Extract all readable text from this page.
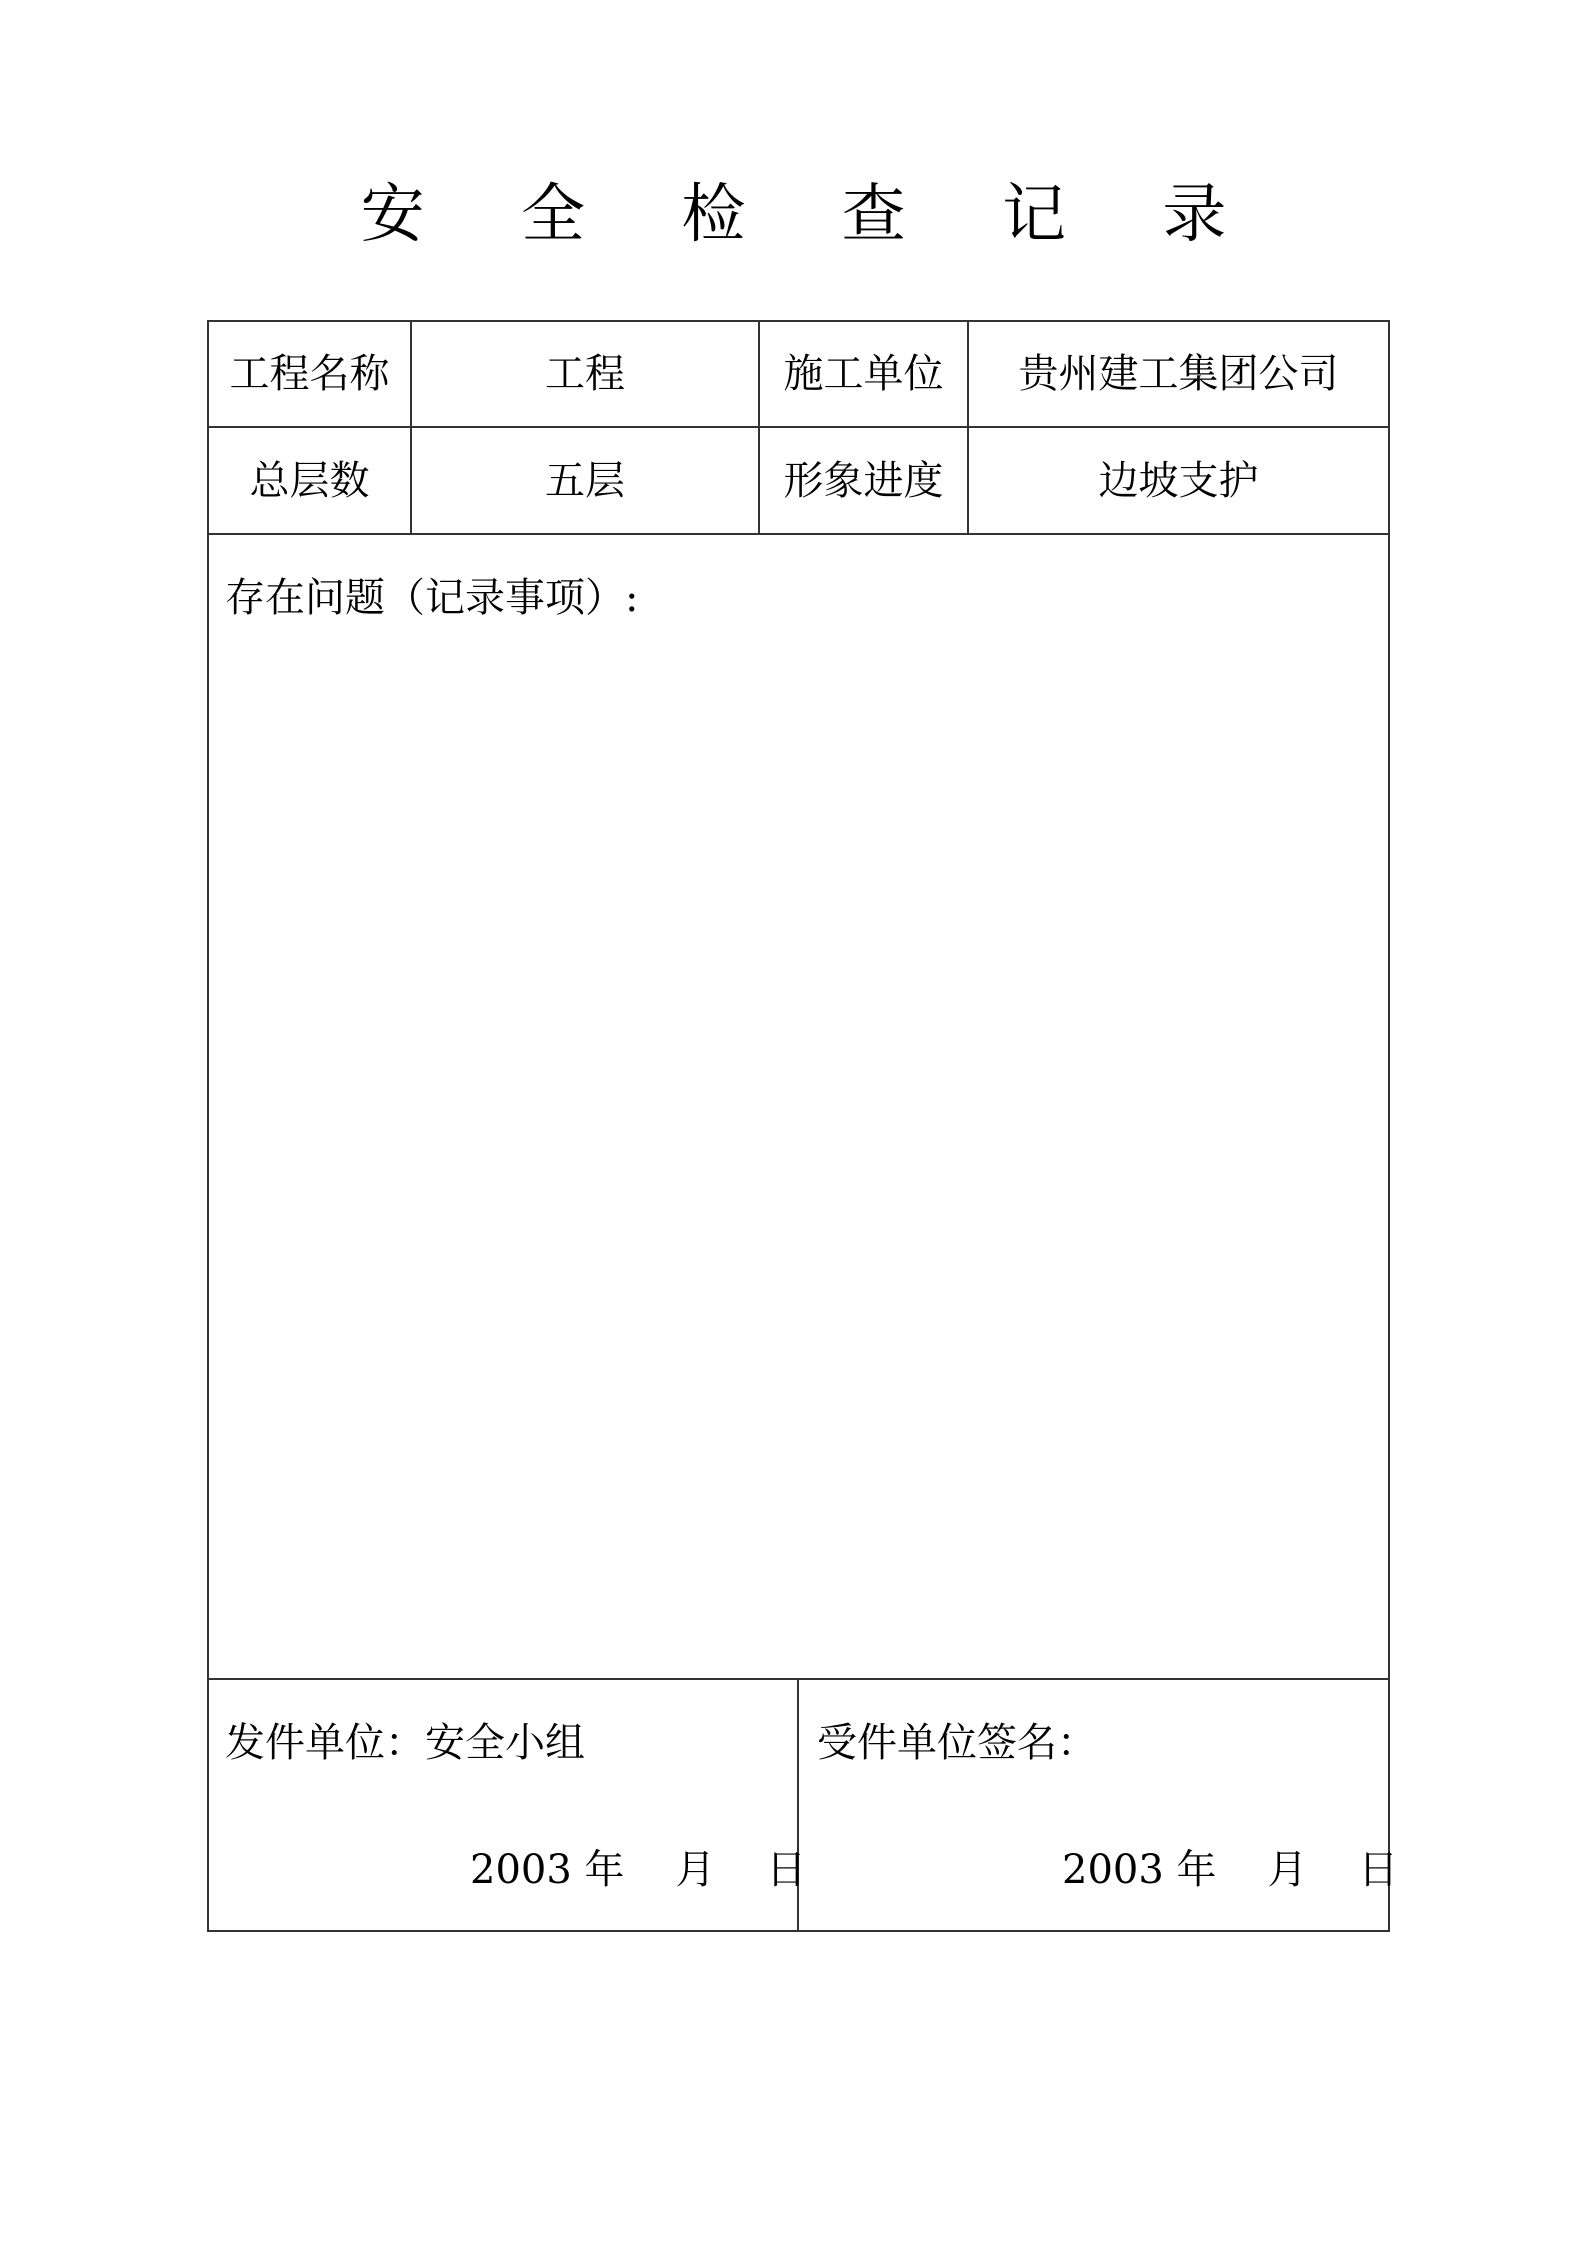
安 全 检 查 记 录
工程名称	工程	施工单位	贵州建工集团公司
总层数	五层	形象进度	边坡支护
存在问题（记录事项）:
发件单位：安全小组
2003 年    月    日
受件单位签名：
2003 年    月    日
